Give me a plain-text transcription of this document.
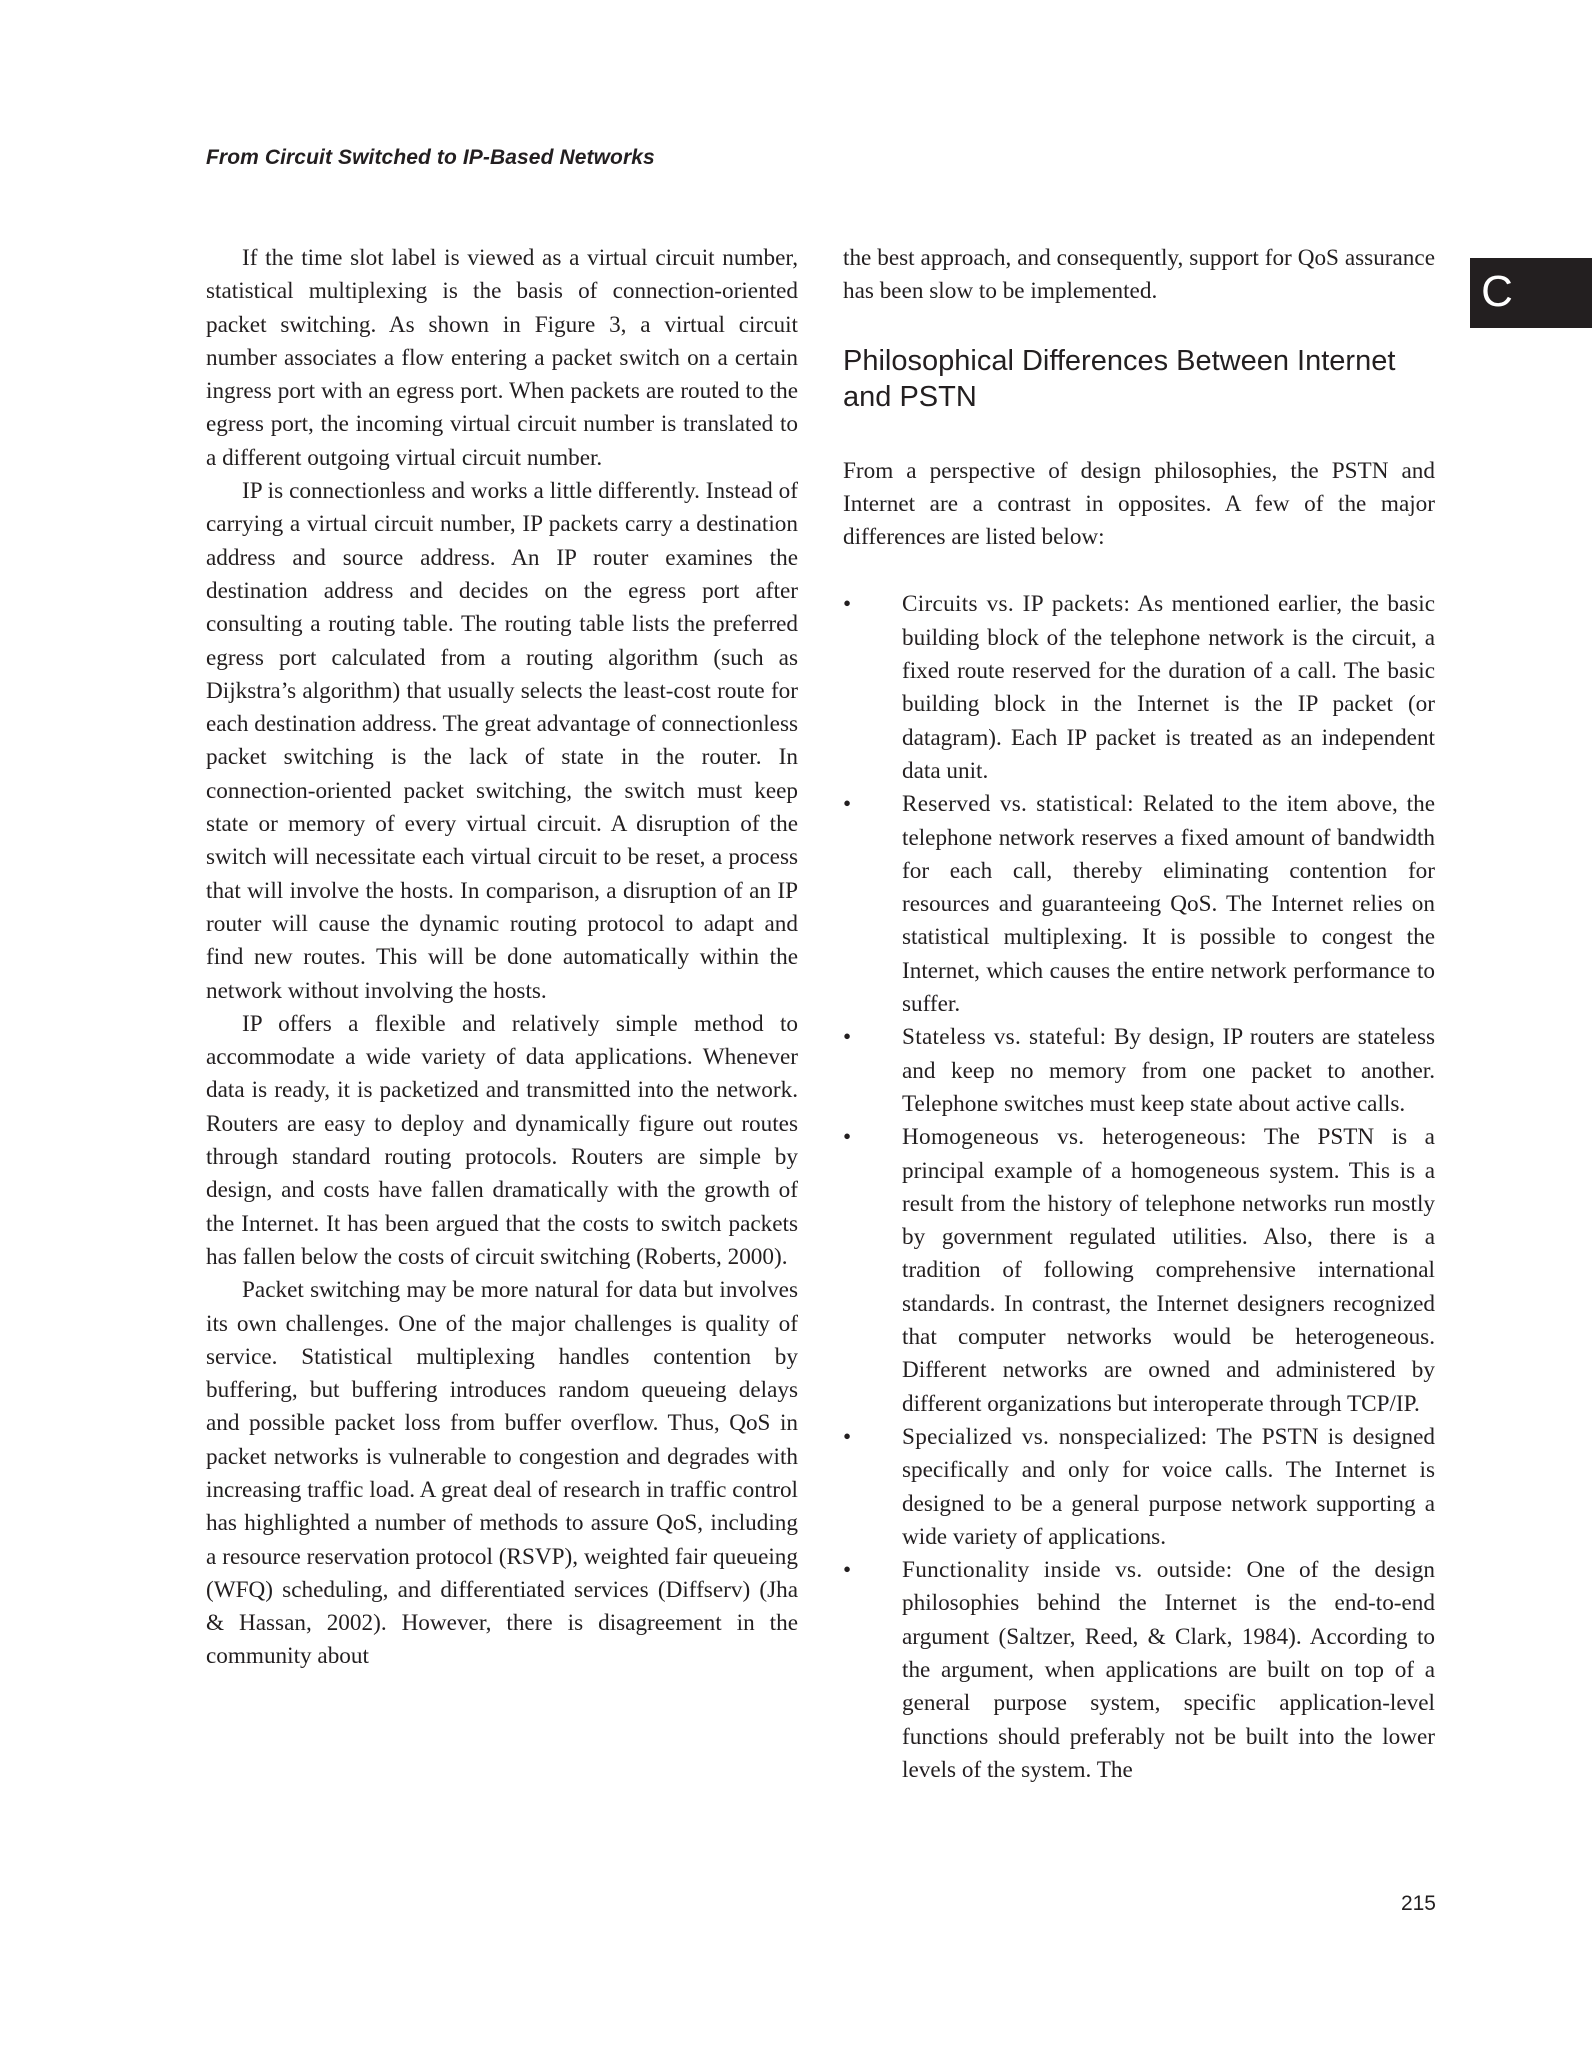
From Circuit Switched to IP-Based Networks
C

If the time slot label is viewed as a virtual circuit number, statistical multiplexing is the basis of connection-oriented packet switching. As shown in Figure 3, a virtual circuit number associates a flow entering a packet switch on a certain ingress port with an egress port. When packets are routed to the egress port, the incoming virtual circuit number is translated to a different outgoing virtual circuit number.

IP is connectionless and works a little differently. Instead of carrying a virtual circuit number, IP packets carry a destination address and source address. An IP router examines the destination address and decides on the egress port after consulting a routing table. The routing table lists the preferred egress port calculated from a routing algorithm (such as Dijkstra’s algorithm) that usually selects the least-cost route for each destination address. The great advantage of connectionless packet switching is the lack of state in the router. In connection-oriented packet switching, the switch must keep state or memory of every virtual circuit. A disruption of the switch will necessitate each virtual circuit to be reset, a process that will involve the hosts. In comparison, a disruption of an IP router will cause the dynamic routing protocol to adapt and find new routes. This will be done automatically within the network without involving the hosts.

IP offers a flexible and relatively simple method to accommodate a wide variety of data applications. Whenever data is ready, it is packetized and transmitted into the network. Routers are easy to deploy and dynamically figure out routes through standard routing protocols. Routers are simple by design, and costs have fallen dramatically with the growth of the Internet. It has been argued that the costs to switch packets has fallen below the costs of circuit switching (Roberts, 2000).

Packet switching may be more natural for data but involves its own challenges. One of the major challenges is quality of service. Statistical multiplexing handles contention by buffering, but buffering introduces random queueing delays and possible packet loss from buffer overflow. Thus, QoS in packet networks is vulnerable to congestion and degrades with increasing traffic load. A great deal of research in traffic control has highlighted a number of methods to assure QoS, including a resource reservation protocol (RSVP), weighted fair queueing (WFQ) scheduling, and differentiated services (Diffserv) (Jha & Hassan, 2002). However, there is disagreement in the community about

the best approach, and consequently, support for QoS assurance has been slow to be implemented.

Philosophical Differences Between Internet and PSTN

From a perspective of design philosophies, the PSTN and Internet are a contrast in opposites. A few of the major differences are listed below:

•	Circuits vs. IP packets: As mentioned earlier, the basic building block of the telephone network is the circuit, a fixed route reserved for the duration of a call. The basic building block in the Internet is the IP packet (or datagram). Each IP packet is treated as an independent data unit.
•	Reserved vs. statistical: Related to the item above, the telephone network reserves a fixed amount of bandwidth for each call, thereby eliminating contention for resources and guaranteeing QoS. The Internet relies on statistical multiplexing. It is possible to congest the Internet, which causes the entire network performance to suffer.
•	Stateless vs. stateful: By design, IP routers are stateless and keep no memory from one packet to another. Telephone switches must keep state about active calls.
•	Homogeneous vs. heterogeneous: The PSTN is a principal example of a homogeneous system. This is a result from the history of telephone networks run mostly by government regulated utilities. Also, there is a tradition of following comprehensive international standards. In contrast, the Internet designers recognized that computer networks would be heterogeneous. Different networks are owned and administered by different organizations but interoperate through TCP/IP.
•	Specialized vs. nonspecialized: The PSTN is designed specifically and only for voice calls. The Internet is designed to be a general purpose network supporting a wide variety of applications.
•	Functionality inside vs. outside: One of the design philosophies behind the Internet is the end-to-end argument (Saltzer, Reed, & Clark, 1984). According to the argument, when applications are built on top of a general purpose system, specific application-level functions should preferably not be built into the lower levels of the system. The
215
